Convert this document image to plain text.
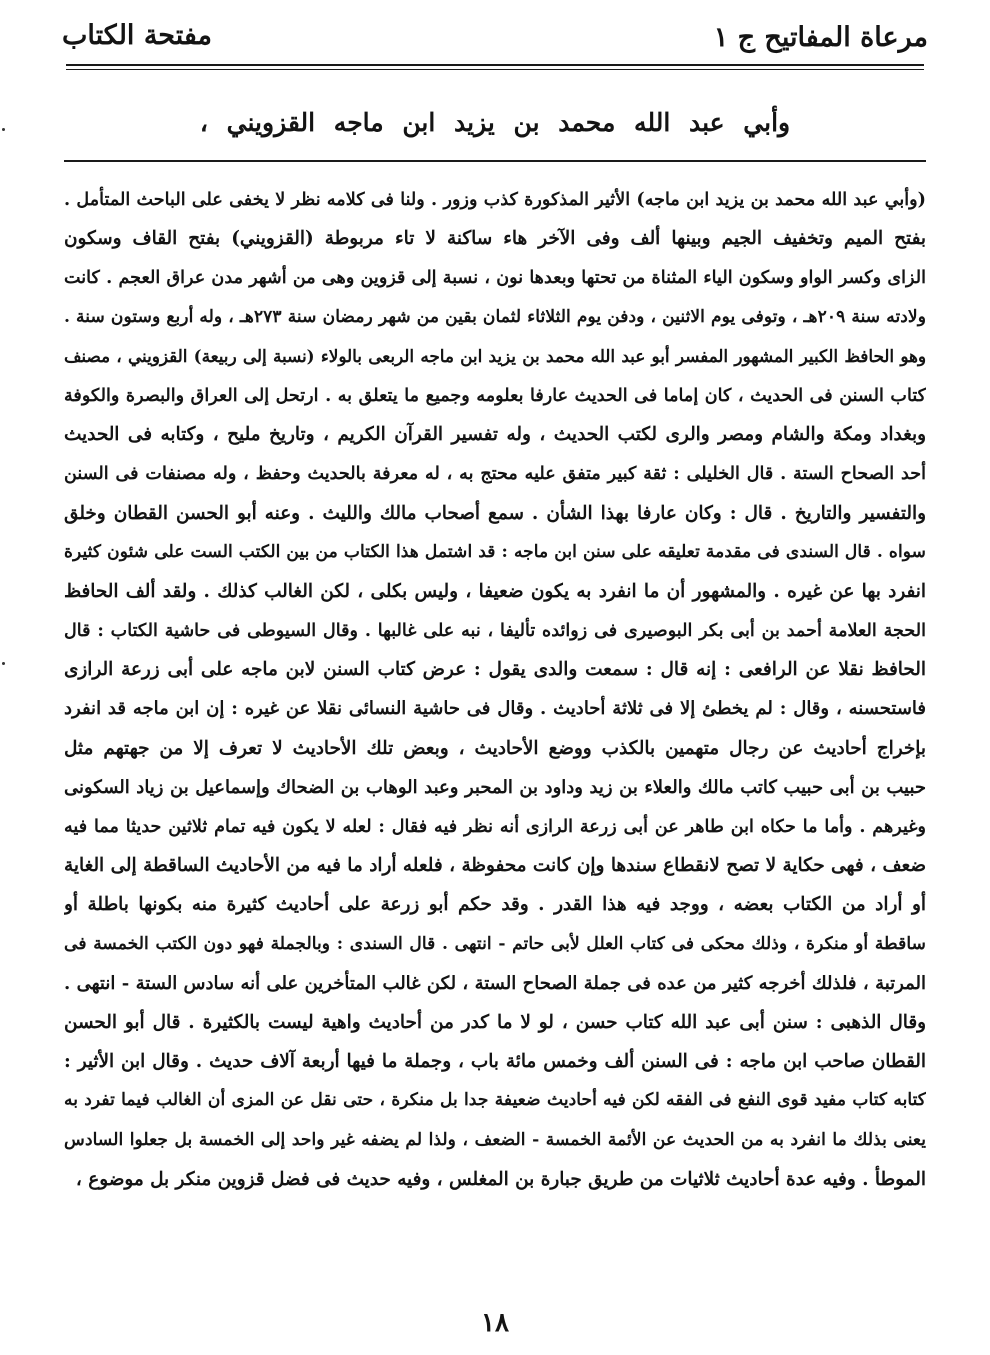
مرعاة المفاتيح ج ١
مفتحة الكتاب
وأبي عبد الله محمد بن يزيد ابن ماجه القزويني ،
(وأبي عبد الله محمد بن يزيد ابن ماجه) الأثير المذكورة كذب وزور . ولنا فى كلامه نظر لا يخفى على الباحث المتأمل .
بفتح الميم وتخفيف الجيم وبينها ألف وفى الآخر هاء ساكنة لا تاء مربوطة (القزويني) بفتح القاف وسكون
الزاى وكسر الواو وسكون الياء المثناة من تحتها وبعدها نون ، نسبة إلى قزوين وهى من أشهر مدن عراق العجم . كانت
ولادته سنة ٢٠٩هـ ، وتوفى يوم الاثنين ، ودفن يوم الثلاثاء لثمان بقين من شهر رمضان سنة ٢٧٣هـ ، وله أربع وستون سنة .
وهو الحافظ الكبير المشهور المفسر أبو عبد الله محمد بن يزيد ابن ماجه الربعى بالولاء (نسبة إلى ربيعة) القزويني ، مصنف
كتاب السنن فى الحديث ، كان إماما فى الحديث عارفا بعلومه وجميع ما يتعلق به . ارتحل إلى العراق والبصرة والكوفة
وبغداد ومكة والشام ومصر والرى لكتب الحديث ، وله تفسير القرآن الكريم ، وتاريخ مليح ، وكتابه فى الحديث
أحد الصحاح الستة . قال الخليلى : ثقة كبير متفق عليه محتج به ، له معرفة بالحديث وحفظ ، وله مصنفات فى السنن
والتفسير والتاريخ . قال : وكان عارفا بهذا الشأن . سمع أصحاب مالك والليث . وعنه أبو الحسن القطان وخلق
سواه . قال السندى فى مقدمة تعليقه على سنن ابن ماجه : قد اشتمل هذا الكتاب من بين الكتب الست على شئون كثيرة
انفرد بها عن غيره . والمشهور أن ما انفرد به يكون ضعيفا ، وليس بكلى ، لكن الغالب كذلك . ولقد ألف الحافظ
الحجة العلامة أحمد بن أبى بكر البوصيرى فى زوائده تأليفا ، نبه على غالبها . وقال السيوطى فى حاشية الكتاب : قال
الحافظ نقلا عن الرافعى : إنه قال : سمعت والدى يقول : عرض كتاب السنن لابن ماجه على أبى زرعة الرازى
فاستحسنه ، وقال : لم يخطئ إلا فى ثلاثة أحاديث . وقال فى حاشية النسائى نقلا عن غيره : إن ابن ماجه قد انفرد
بإخراج أحاديث عن رجال متهمين بالكذب ووضع الأحاديث ، وبعض تلك الأحاديث لا تعرف إلا من جهتهم مثل
حبيب بن أبى حبيب كاتب مالك والعلاء بن زيد وداود بن المحبر وعبد الوهاب بن الضحاك وإسماعيل بن زياد السكونى
وغيرهم . وأما ما حكاه ابن طاهر عن أبى زرعة الرازى أنه نظر فيه فقال : لعله لا يكون فيه تمام ثلاثين حديثا مما فيه
ضعف ، فهى حكاية لا تصح لانقطاع سندها وإن كانت محفوظة ، فلعله أراد ما فيه من الأحاديث الساقطة إلى الغاية
أو أراد من الكتاب بعضه ، ووجد فيه هذا القدر . وقد حكم أبو زرعة على أحاديث كثيرة منه بكونها باطلة أو
ساقطة أو منكرة ، وذلك محكى فى كتاب العلل لأبى حاتم - انتهى . قال السندى : وبالجملة فهو دون الكتب الخمسة فى
المرتبة ، فلذلك أخرجه كثير من عده فى جملة الصحاح الستة ، لكن غالب المتأخرين على أنه سادس الستة - انتهى .
وقال الذهبى : سنن أبى عبد الله كتاب حسن ، لو لا ما كدر من أحاديث واهية ليست بالكثيرة . قال أبو الحسن
القطان صاحب ابن ماجه : فى السنن ألف وخمس مائة باب ، وجملة ما فيها أربعة آلاف حديث . وقال ابن الأثير :
كتابه كتاب مفيد قوى النفع فى الفقه لكن فيه أحاديث ضعيفة جدا بل منكرة ، حتى نقل عن المزى أن الغالب فيما تفرد به
يعنى بذلك ما انفرد به من الحديث عن الأئمة الخمسة - الضعف ، ولذا لم يضفه غير واحد إلى الخمسة بل جعلوا السادس
الموطأ . وفيه عدة أحاديث ثلاثيات من طريق جبارة بن المغلس ، وفيه حديث فى فضل قزوين منكر بل موضوع ،
١٨
